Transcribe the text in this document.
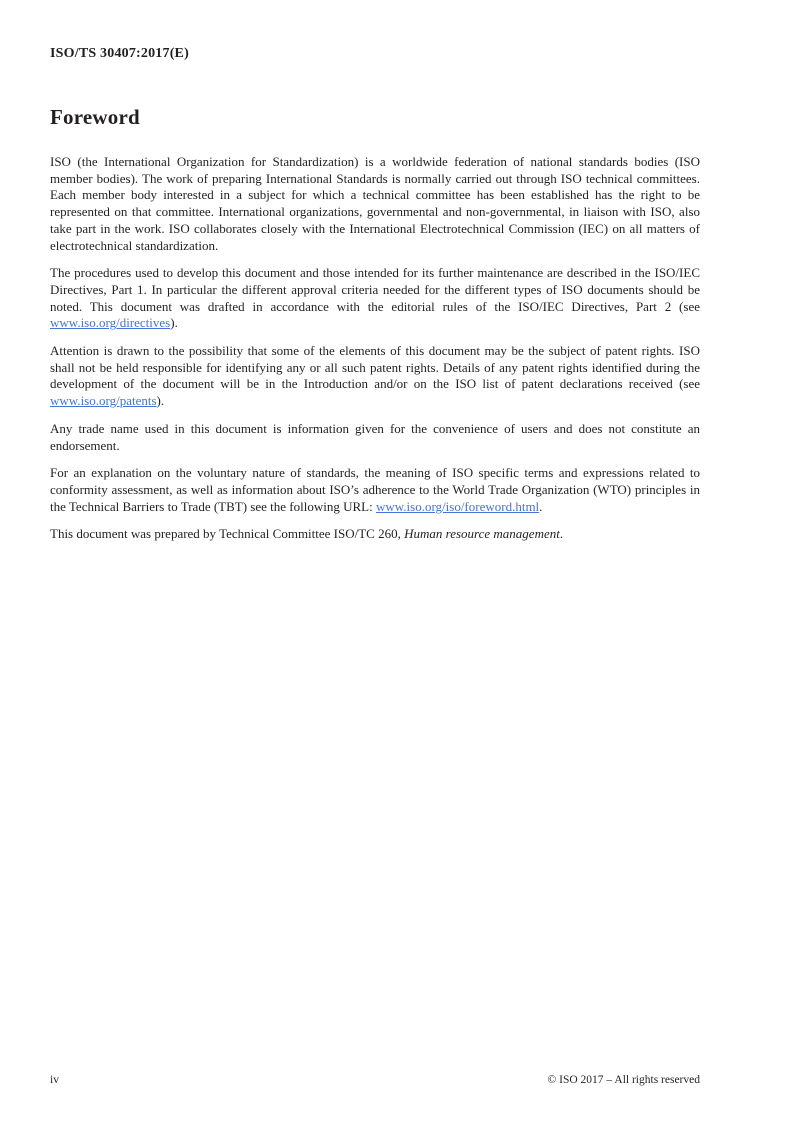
ISO/TS 30407:2017(E)
Foreword

ISO (the International Organization for Standardization) is a worldwide federation of national standards bodies (ISO member bodies). The work of preparing International Standards is normally carried out through ISO technical committees. Each member body interested in a subject for which a technical committee has been established has the right to be represented on that committee. International organizations, governmental and non-governmental, in liaison with ISO, also take part in the work. ISO collaborates closely with the International Electrotechnical Commission (IEC) on all matters of electrotechnical standardization.

The procedures used to develop this document and those intended for its further maintenance are described in the ISO/IEC Directives, Part 1. In particular the different approval criteria needed for the different types of ISO documents should be noted. This document was drafted in accordance with the editorial rules of the ISO/IEC Directives, Part 2 (see www.iso.org/directives).

Attention is drawn to the possibility that some of the elements of this document may be the subject of patent rights. ISO shall not be held responsible for identifying any or all such patent rights. Details of any patent rights identified during the development of the document will be in the Introduction and/or on the ISO list of patent declarations received (see www.iso.org/patents).

Any trade name used in this document is information given for the convenience of users and does not constitute an endorsement.

For an explanation on the voluntary nature of standards, the meaning of ISO specific terms and expressions related to conformity assessment, as well as information about ISO’s adherence to the World Trade Organization (WTO) principles in the Technical Barriers to Trade (TBT) see the following URL: www.iso.org/iso/foreword.html.

This document was prepared by Technical Committee ISO/TC 260, Human resource management.

iv	© ISO 2017 – All rights reserved
